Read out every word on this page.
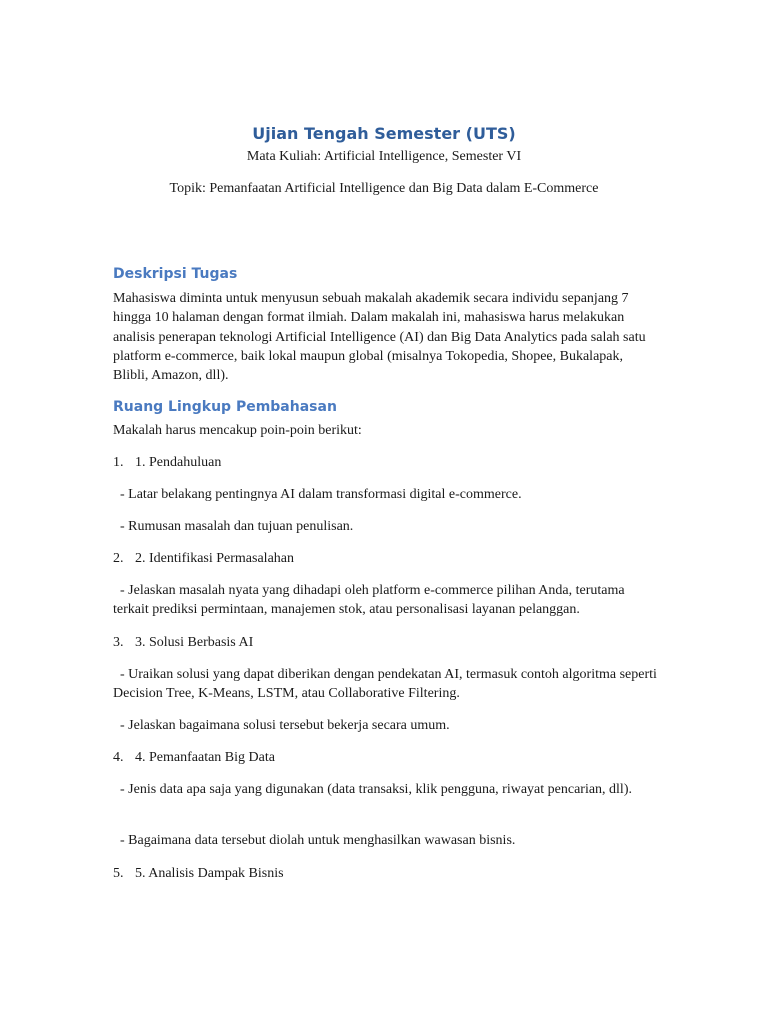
Ujian Tengah Semester (UTS)
Mata Kuliah: Artificial Intelligence, Semester VI
Topik: Pemanfaatan Artificial Intelligence dan Big Data dalam E-Commerce
Deskripsi Tugas
Mahasiswa diminta untuk menyusun sebuah makalah akademik secara individu sepanjang 7 hingga 10 halaman dengan format ilmiah. Dalam makalah ini, mahasiswa harus melakukan analisis penerapan teknologi Artificial Intelligence (AI) dan Big Data Analytics pada salah satu platform e-commerce, baik lokal maupun global (misalnya Tokopedia, Shopee, Bukalapak, Blibli, Amazon, dll).
Ruang Lingkup Pembahasan
Makalah harus mencakup poin-poin berikut:
1. 1. Pendahuluan
- Latar belakang pentingnya AI dalam transformasi digital e-commerce.
- Rumusan masalah dan tujuan penulisan.
2. 2. Identifikasi Permasalahan
- Jelaskan masalah nyata yang dihadapi oleh platform e-commerce pilihan Anda, terutama terkait prediksi permintaan, manajemen stok, atau personalisasi layanan pelanggan.
3. 3. Solusi Berbasis AI
- Uraikan solusi yang dapat diberikan dengan pendekatan AI, termasuk contoh algoritma seperti Decision Tree, K-Means, LSTM, atau Collaborative Filtering.
- Jelaskan bagaimana solusi tersebut bekerja secara umum.
4. 4. Pemanfaatan Big Data
- Jenis data apa saja yang digunakan (data transaksi, klik pengguna, riwayat pencarian, dll).
- Bagaimana data tersebut diolah untuk menghasilkan wawasan bisnis.
5. 5. Analisis Dampak Bisnis
